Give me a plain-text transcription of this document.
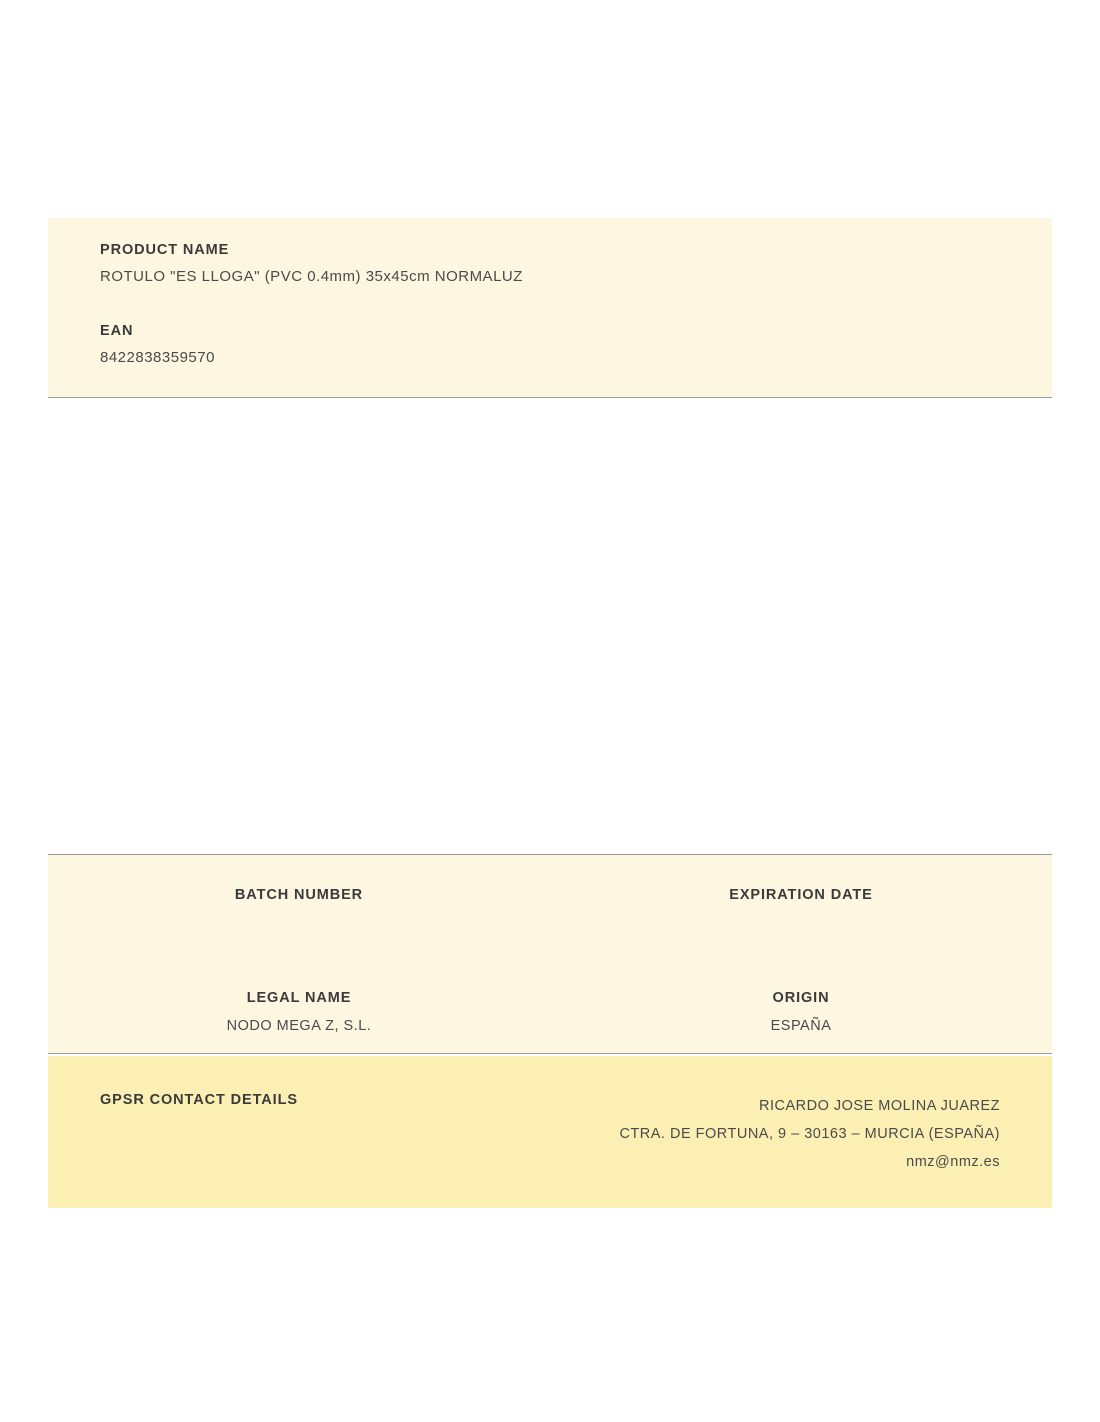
PRODUCT NAME
ROTULO "ES LLOGA" (PVC 0.4mm) 35x45cm NORMALUZ
EAN
8422838359570
BATCH NUMBER	EXPIRATION DATE
LEGAL NAME
NODO MEGA Z, S.L.
ORIGIN
ESPAÑA
GPSR CONTACT DETAILS	RICARDO JOSE MOLINA JUAREZ
CTRA. DE FORTUNA, 9 – 30163 – MURCIA (ESPAÑA)
nmz@nmz.es
